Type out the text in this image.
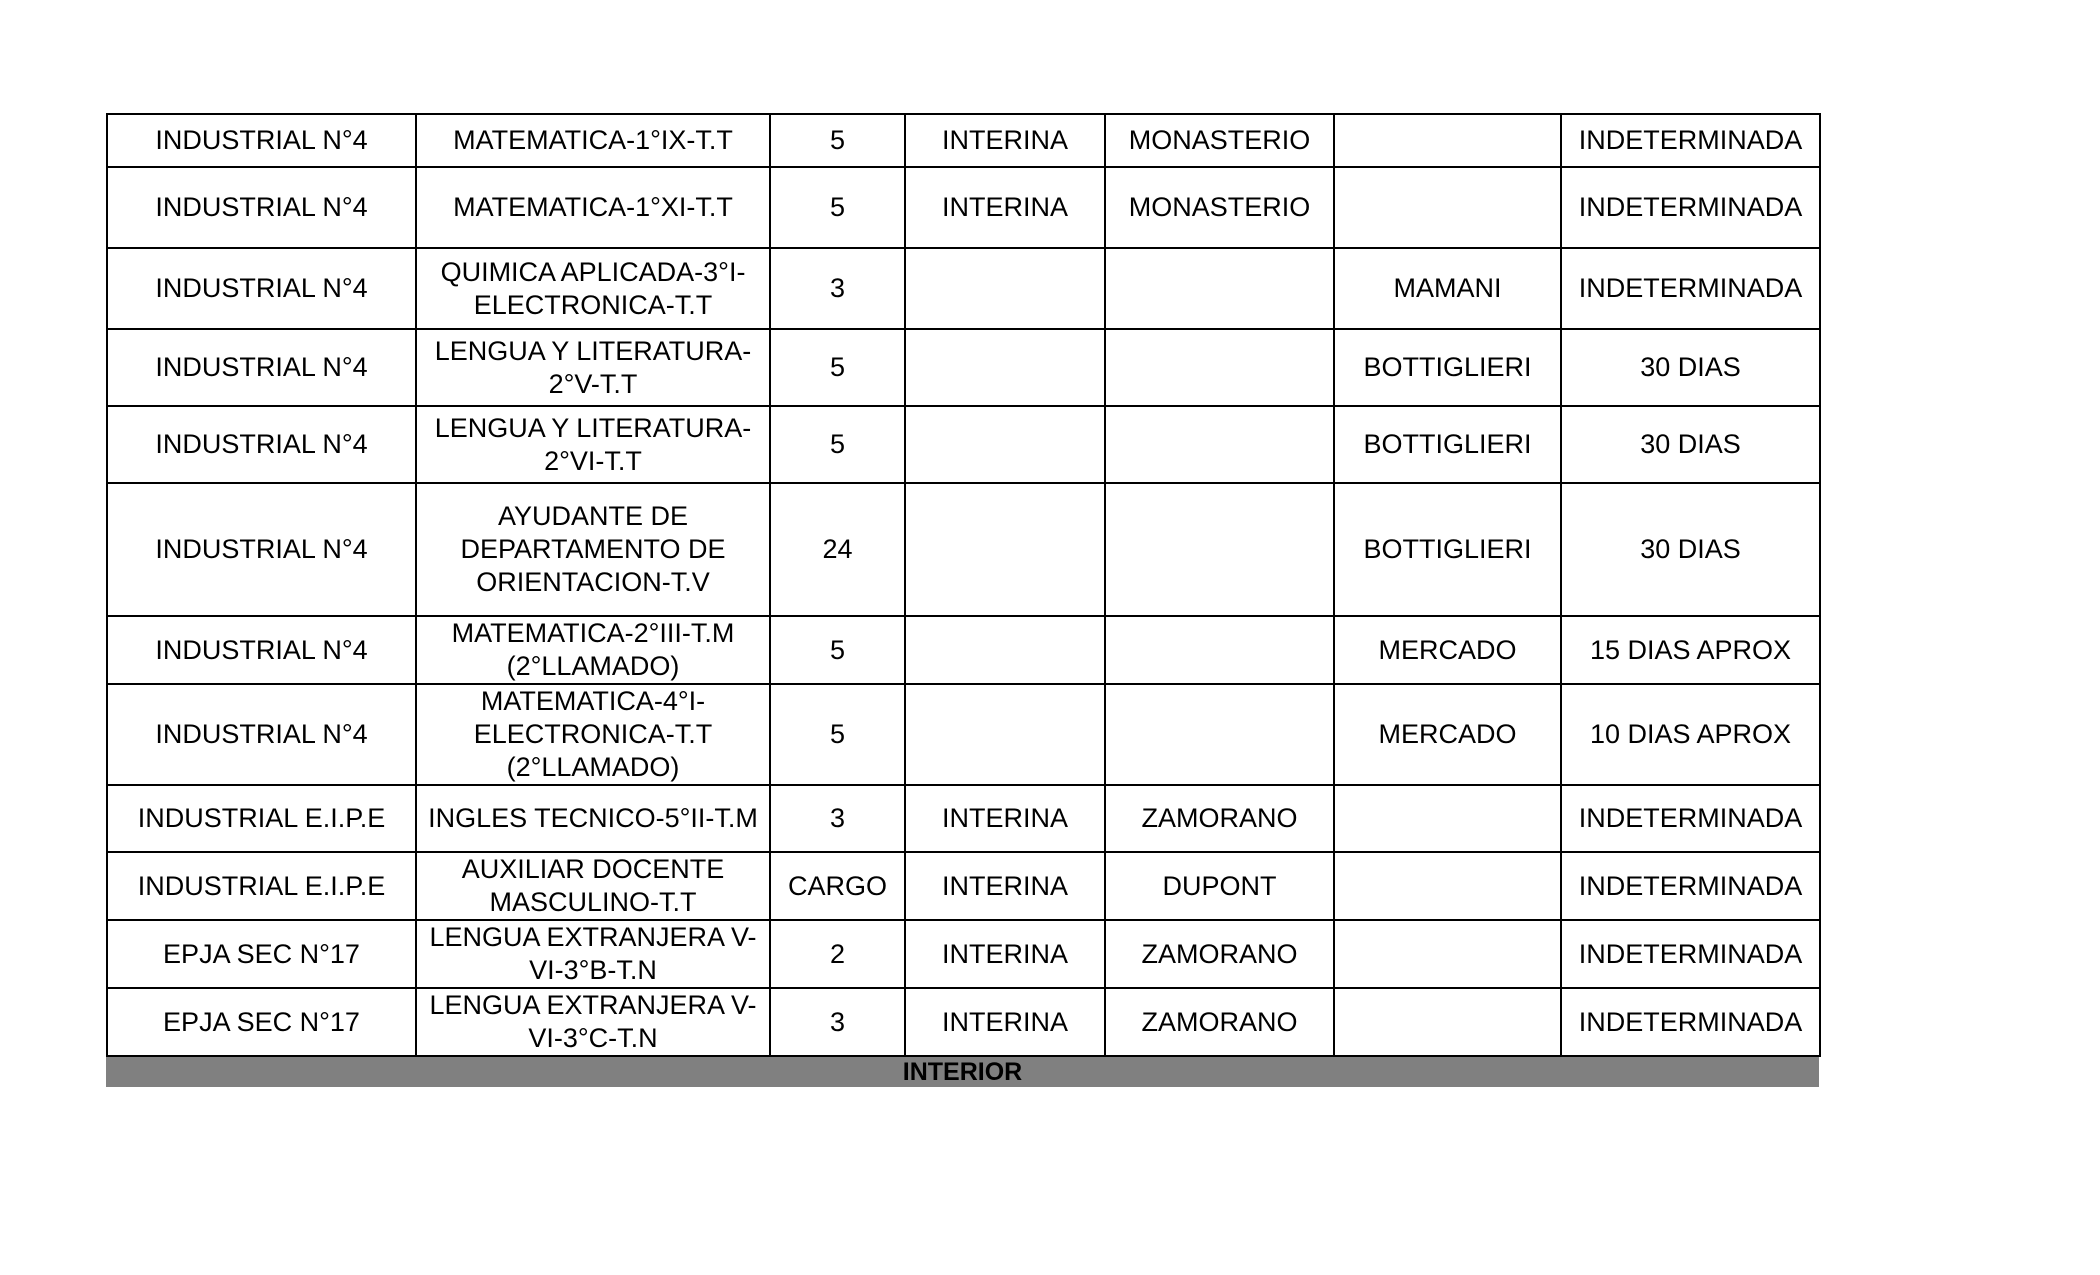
INDUSTRIAL N°4	MATEMATICA-1°IX-T.T	5	INTERINA	MONASTERIO		INDETERMINADA
INDUSTRIAL N°4	MATEMATICA-1°XI-T.T	5	INTERINA	MONASTERIO		INDETERMINADA
INDUSTRIAL N°4	QUIMICA APLICADA-3°I-ELECTRONICA-T.T	3			MAMANI	INDETERMINADA
INDUSTRIAL N°4	LENGUA Y LITERATURA-2°V-T.T	5			BOTTIGLIERI	30 DIAS
INDUSTRIAL N°4	LENGUA Y LITERATURA-2°VI-T.T	5			BOTTIGLIERI	30 DIAS
INDUSTRIAL N°4	AYUDANTE DE DEPARTAMENTO DE ORIENTACION-T.V	24			BOTTIGLIERI	30 DIAS
INDUSTRIAL N°4	MATEMATICA-2°III-T.M (2°LLAMADO)	5			MERCADO	15 DIAS APROX
INDUSTRIAL N°4	MATEMATICA-4°I-ELECTRONICA-T.T (2°LLAMADO)	5			MERCADO	10 DIAS APROX
INDUSTRIAL E.I.P.E	INGLES TECNICO-5°II-T.M	3	INTERINA	ZAMORANO		INDETERMINADA
INDUSTRIAL E.I.P.E	AUXILIAR DOCENTE MASCULINO-T.T	CARGO	INTERINA	DUPONT		INDETERMINADA
EPJA SEC N°17	LENGUA EXTRANJERA V-VI-3°B-T.N	2	INTERINA	ZAMORANO		INDETERMINADA
EPJA SEC N°17	LENGUA EXTRANJERA V-VI-3°C-T.N	3	INTERINA	ZAMORANO		INDETERMINADA
INTERIOR
